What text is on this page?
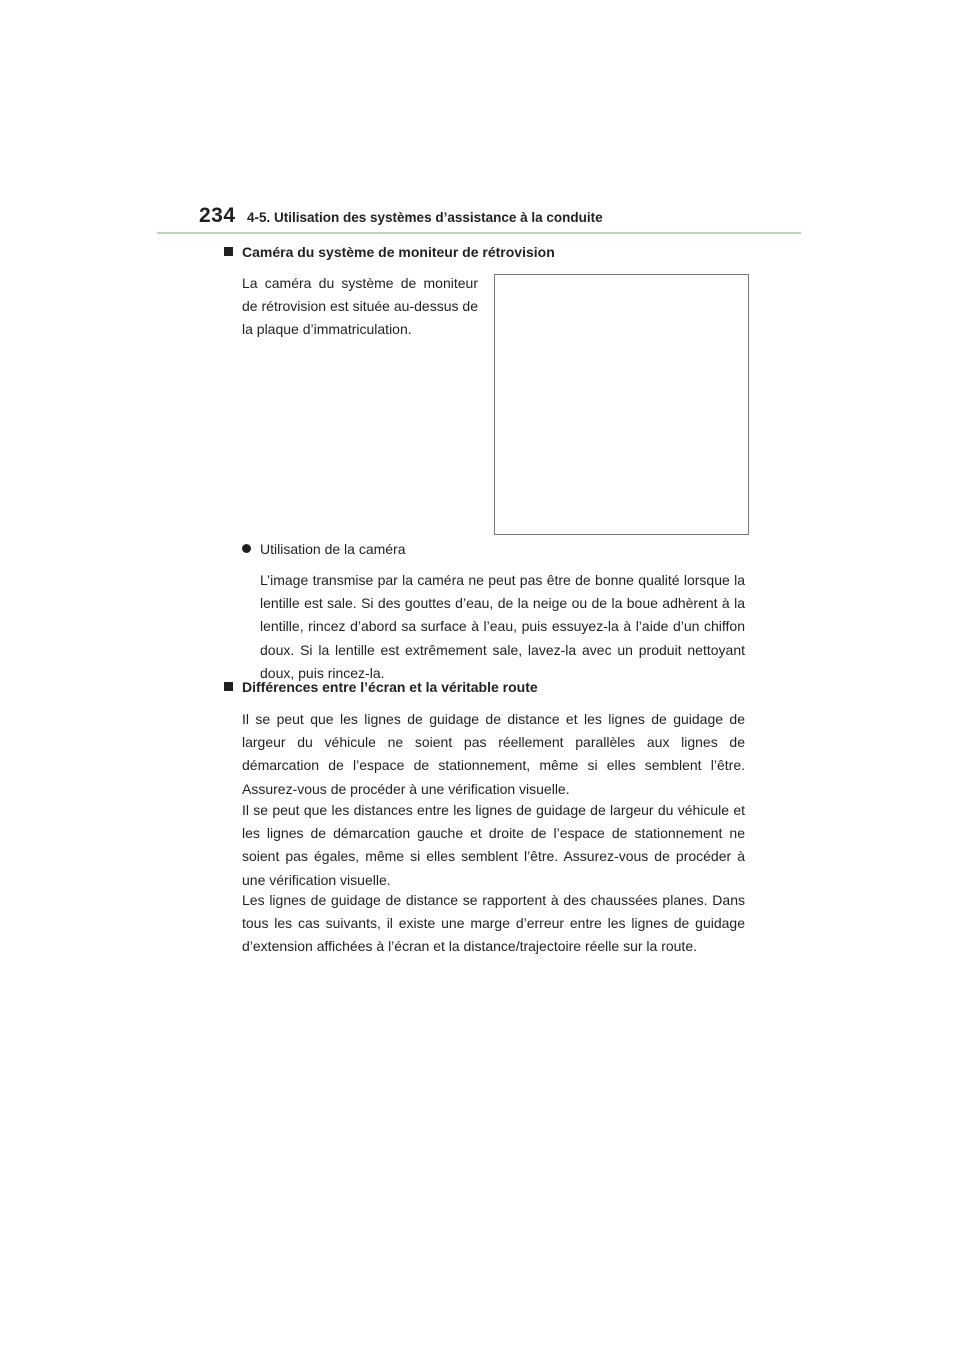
234 4-5. Utilisation des systèmes d’assistance à la conduite
Caméra du système de moniteur de rétrovision

La caméra du système de moniteur de rétrovision est située au-dessus de la plaque d’immatriculation.

Utilisation de la caméra

L’image transmise par la caméra ne peut pas être de bonne qualité lorsque la lentille est sale. Si des gouttes d’eau, de la neige ou de la boue adhèrent à la lentille, rincez d’abord sa surface à l’eau, puis essuyez-la à l’aide d’un chiffon doux. Si la lentille est extrêmement sale, lavez-la avec un produit nettoyant doux, puis rincez-la.

Différences entre l’écran et la véritable route

Il se peut que les lignes de guidage de distance et les lignes de guidage de largeur du véhicule ne soient pas réellement parallèles aux lignes de démarcation de l’espace de stationnement, même si elles semblent l’être. Assurez-vous de procéder à une vérification visuelle.

Il se peut que les distances entre les lignes de guidage de largeur du véhicule et les lignes de démarcation gauche et droite de l’espace de stationnement ne soient pas égales, même si elles semblent l’être. Assurez-vous de procéder à une vérification visuelle.

Les lignes de guidage de distance se rapportent à des chaussées planes. Dans tous les cas suivants, il existe une marge d’erreur entre les lignes de guidage d’extension affichées à l’écran et la distance/trajectoire réelle sur la route.
